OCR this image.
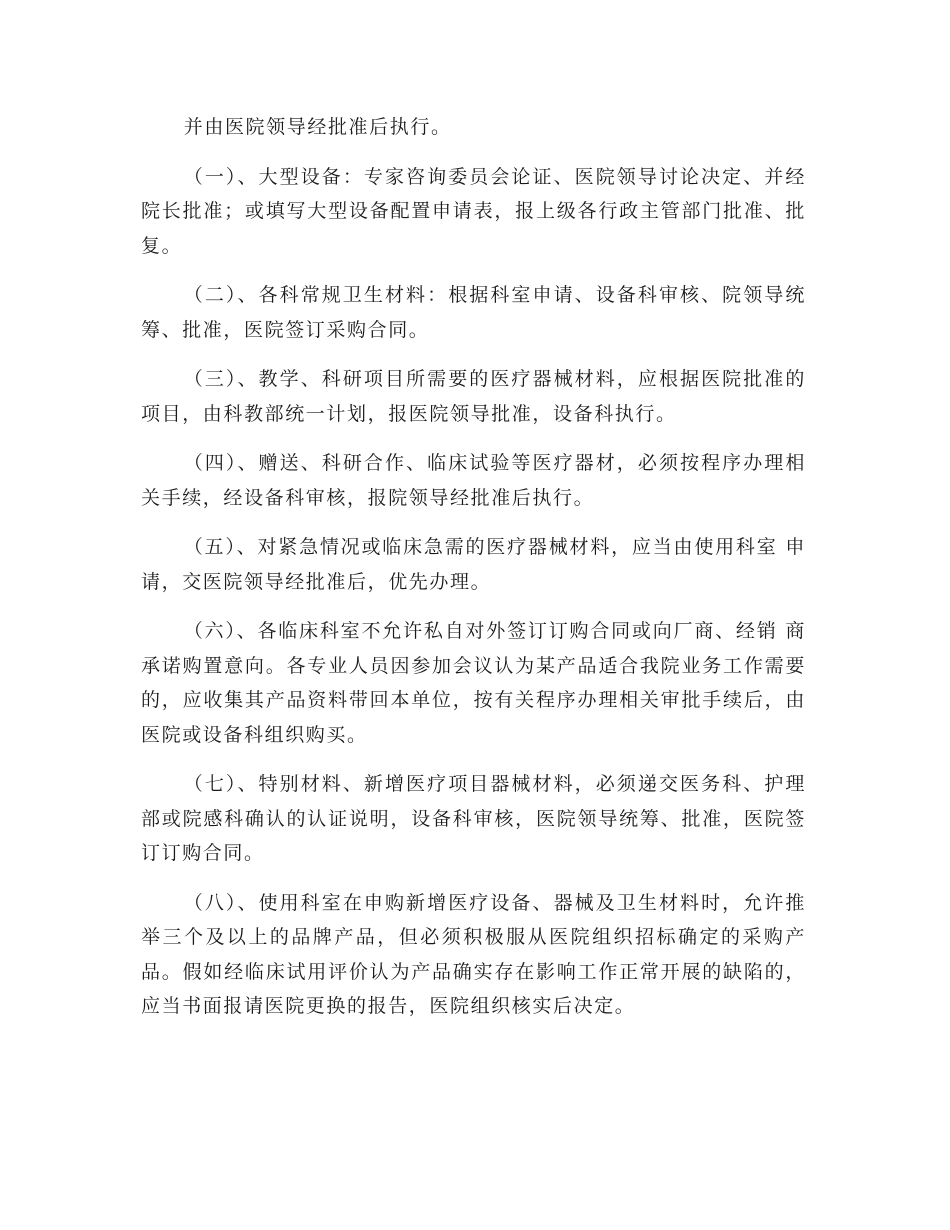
并由医院领导经批准后执行。

（一）、大型设备：专家咨询委员会论证、医院领导讨论决定、并经院长批准；或填写大型设备配置申请表，报上级各行政主管部门批准、批复。

（二）、各科常规卫生材料：根据科室申请、设备科审核、院领导统筹、批准，医院签订采购合同。

（三）、教学、科研项目所需要的医疗器械材料，应根据医院批准的项目，由科教部统一计划，报医院领导批准，设备科执行。

（四）、赠送、科研合作、临床试验等医疗器材，必须按程序办理相关手续，经设备科审核，报院领导经批准后执行。

（五）、对紧急情况或临床急需的医疗器械材料，应当由使用科室 申请，交医院领导经批准后，优先办理。

（六）、各临床科室不允许私自对外签订订购合同或向厂商、经销 商承诺购置意向。各专业人员因参加会议认为某产品适合我院业务工作需要的，应收集其产品资料带回本单位，按有关程序办理相关审批手续后，由医院或设备科组织购买。

（七）、特别材料、新增医疗项目器械材料，必须递交医务科、护理部或院感科确认的认证说明，设备科审核，医院领导统筹、批准，医院签订订购合同。

（八）、使用科室在申购新增医疗设备、器械及卫生材料时，允许推举三个及以上的品牌产品，但必须积极服从医院组织招标确定的采购产品。假如经临床试用评价认为产品确实存在影响工作正常开展的缺陷的，应当书面报请医院更换的报告，医院组织核实后决定。
